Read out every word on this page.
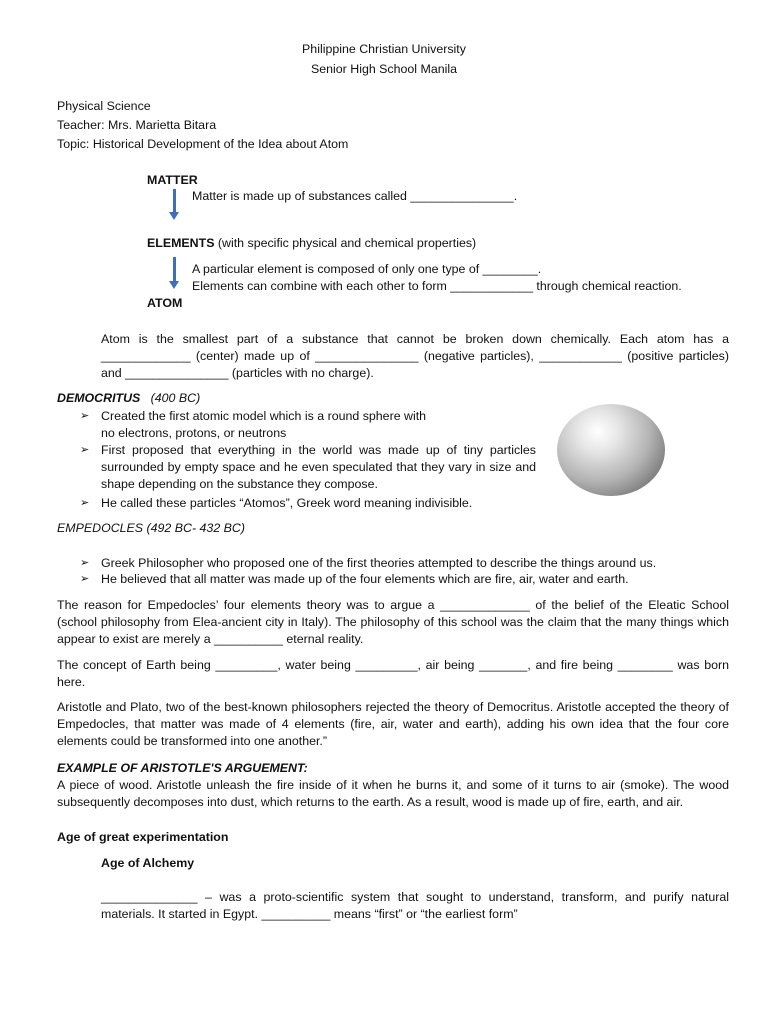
Philippine Christian University
Senior High School Manila
Physical Science
Teacher: Mrs. Marietta Bitara
Topic: Historical Development of the Idea about Atom
MATTER
Matter is made up of substances called _______________.
ELEMENTS (with specific physical and chemical properties)
A particular element is composed of only one type of ________.
Elements can combine with each other to form ____________ through chemical reaction.
ATOM
Atom is the smallest part of a substance that cannot be broken down chemically. Each atom has a _____________ (center) made up of _______________ (negative particles), ____________ (positive particles) and _______________ (particles with no charge).
DEMOCRITUS (400 BC)
➢ Created the first atomic model which is a round sphere with
no electrons, protons, or neutrons
➢ First proposed that everything in the world was made up of tiny particles surrounded by empty space and he even speculated that they vary in size and shape depending on the substance they compose.
➢ He called these particles “Atomos”, Greek word meaning indivisible.
EMPEDOCLES (492 BC- 432 BC)
➢ Greek Philosopher who proposed one of the first theories attempted to describe the things around us.
➢ He believed that all matter was made up of the four elements which are fire, air, water and earth.
The reason for Empedocles’ four elements theory was to argue a _____________ of the belief of the Eleatic School (school philosophy from Elea-ancient city in Italy). The philosophy of this school was the claim that the many things which appear to exist are merely a __________ eternal reality.
The concept of Earth being _________, water being _________, air being _______, and fire being ________ was born here.
Aristotle and Plato, two of the best-known philosophers rejected the theory of Democritus. Aristotle accepted the theory of Empedocles, that matter was made of 4 elements (fire, air, water and earth), adding his own idea that the four core elements could be transformed into one another.”
EXAMPLE OF ARISTOTLE'S ARGUEMENT:
A piece of wood. Aristotle unleash the fire inside of it when he burns it, and some of it turns to air (smoke). The wood subsequently decomposes into dust, which returns to the earth. As a result, wood is made up of fire, earth, and air.
Age of great experimentation
Age of Alchemy
______________ – was a proto-scientific system that sought to understand, transform, and purify natural materials. It started in Egypt. __________ means “first” or “the earliest form”
